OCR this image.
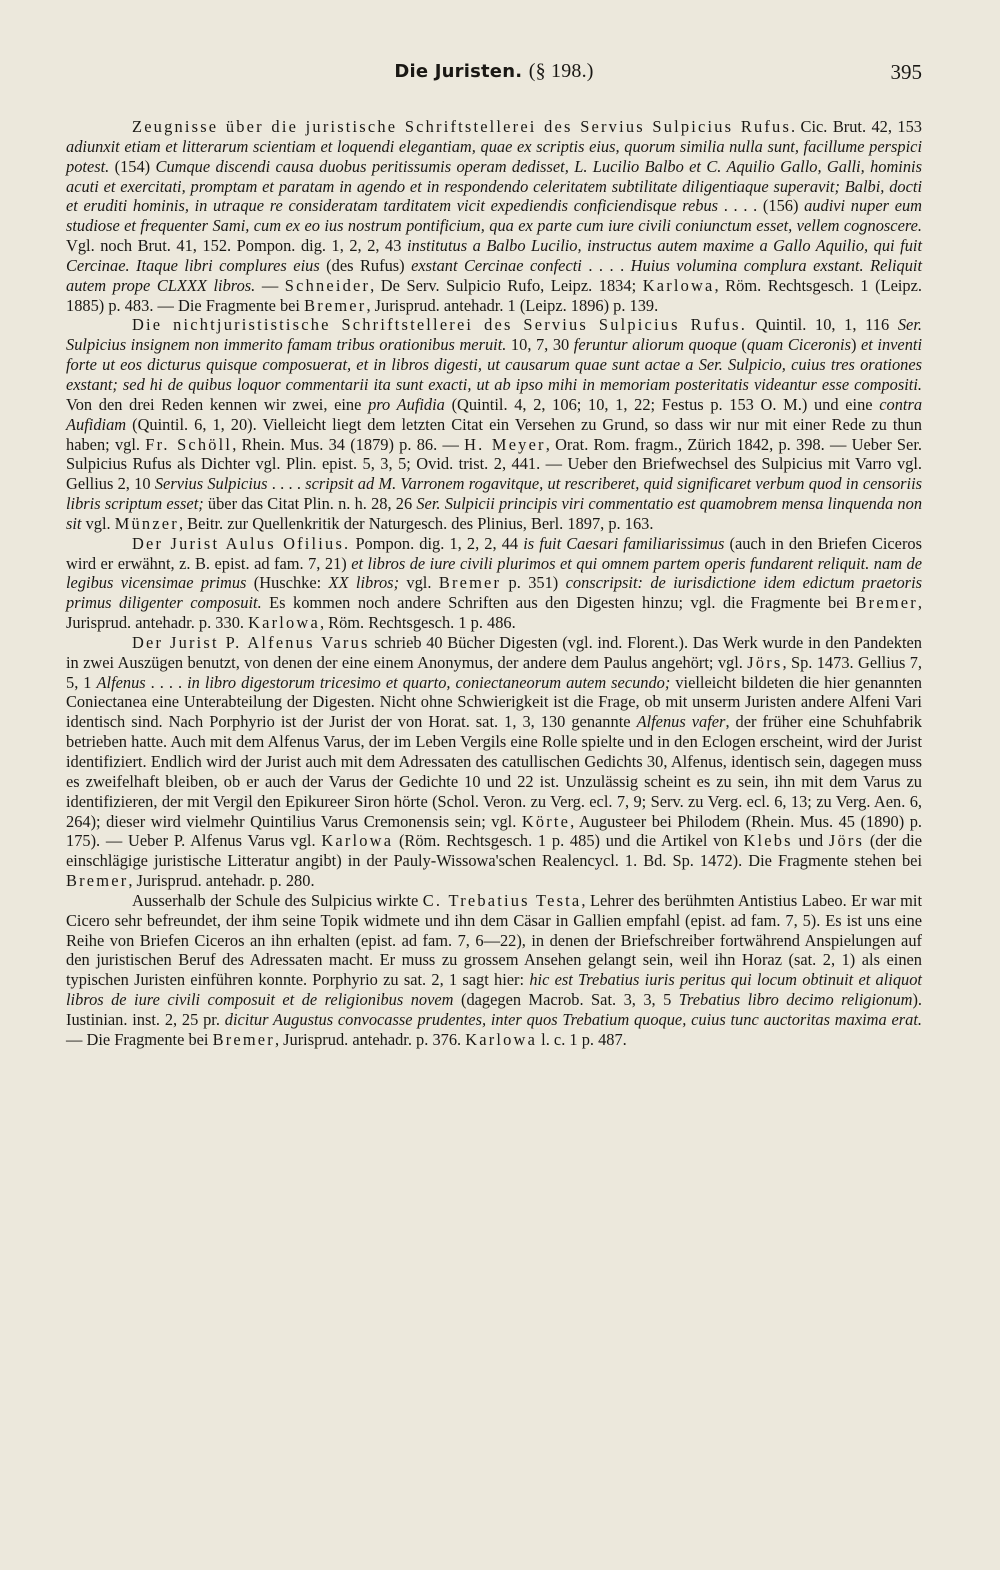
Die Juristen. (§ 198.)	395

Zeugnisse über die juristische Schriftstellerei des Servius Sulpicius Rufus. Cic. Brut. 42, 153 adiunxit etiam et litterarum scientiam et loquendi elegantiam, quae ex scriptis eius, quorum similia nulla sunt, facillume perspici potest. (154) Cumque discendi causa duobus peritissumis operam dedisset, L. Lucilio Balbo et C. Aquilio Gallo, Galli, hominis acuti et exercitati, promptam et paratam in agendo et in respondendo celeritatem subtilitate diligentiaque superavit; Balbi, docti et eruditi hominis, in utraque re consideratam tarditatem vicit expediendis conficiendisque rebus . . . . (156) audivi nuper eum studiose et frequenter Sami, cum ex eo ius nostrum pontificium, qua ex parte cum iure civili coniunctum esset, vellem cognoscere. Vgl. noch Brut. 41, 152. Pompon. dig. 1, 2, 2, 43 institutus a Balbo Lucilio, instructus autem maxime a Gallo Aquilio, qui fuit Cercinae. Itaque libri complures eius (des Rufus) exstant Cercinae confecti . . . . Huius volumina complura exstant. Reliquit autem prope CLXXX libros. — Schneider, De Serv. Sulpicio Rufo, Leipz. 1834; Karlowa, Röm. Rechtsgesch. 1 (Leipz. 1885) p. 483. — Die Fragmente bei Bremer, Jurisprud. antehadr. 1 (Leipz. 1896) p. 139.

Die nichtjurististische Schriftstellerei des Servius Sulpicius Rufus. Quintil. 10, 1, 116 Ser. Sulpicius insignem non immerito famam tribus orationibus meruit. 10, 7, 30 feruntur aliorum quoque (quam Ciceronis) et inventi forte ut eos dicturus quisque composuerat, et in libros digesti, ut causarum quae sunt actae a Ser. Sulpicio, cuius tres orationes exstant; sed hi de quibus loquor commentarii ita sunt exacti, ut ab ipso mihi in memoriam posteritatis videantur esse compositi. Von den drei Reden kennen wir zwei, eine pro Aufidia (Quintil. 4, 2, 106; 10, 1, 22; Festus p. 153 O. M.) und eine contra Aufidiam (Quintil. 6, 1, 20). Vielleicht liegt dem letzten Citat ein Versehen zu Grund, so dass wir nur mit einer Rede zu thun haben; vgl. Fr. Schöll, Rhein. Mus. 34 (1879) p. 86. — H. Meyer, Orat. Rom. fragm., Zürich 1842, p. 398. — Ueber Ser. Sulpicius Rufus als Dichter vgl. Plin. epist. 5, 3, 5; Ovid. trist. 2, 441. — Ueber den Briefwechsel des Sulpicius mit Varro vgl. Gellius 2, 10 Servius Sulpicius . . . . scripsit ad M. Varronem rogavitque, ut rescriberet, quid significaret verbum quod in censoriis libris scriptum esset; über das Citat Plin. n. h. 28, 26 Ser. Sulpicii principis viri commentatio est quamobrem mensa linquenda non sit vgl. Münzer, Beitr. zur Quellenkritik der Naturgesch. des Plinius, Berl. 1897, p. 163.

Der Jurist Aulus Ofilius. Pompon. dig. 1, 2, 2, 44 is fuit Caesari familiarissimus (auch in den Briefen Ciceros wird er erwähnt, z. B. epist. ad fam. 7, 21) et libros de iure civili plurimos et qui omnem partem operis fundarent reliquit. nam de legibus vicensimae primus (Huschke: XX libros; vgl. Bremer p. 351) conscripsit: de iurisdictione idem edictum praetoris primus diligenter composuit. Es kommen noch andere Schriften aus den Digesten hinzu; vgl. die Fragmente bei Bremer, Jurisprud. antehadr. p. 330. Karlowa, Röm. Rechtsgesch. 1 p. 486.

Der Jurist P. Alfenus Varus schrieb 40 Bücher Digesten (vgl. ind. Florent.). Das Werk wurde in den Pandekten in zwei Auszügen benutzt, von denen der eine einem Anonymus, der andere dem Paulus angehört; vgl. Jörs, Sp. 1473. Gellius 7, 5, 1 Alfenus . . . . in libro digestorum tricesimo et quarto, coniectaneorum autem secundo; vielleicht bildeten die hier genannten Coniectanea eine Unterabteilung der Digesten. Nicht ohne Schwierigkeit ist die Frage, ob mit unserm Juristen andere Alfeni Vari identisch sind. Nach Porphyrio ist der Jurist der von Horat. sat. 1, 3, 130 genannte Alfenus vafer, der früher eine Schuhfabrik betrieben hatte. Auch mit dem Alfenus Varus, der im Leben Vergils eine Rolle spielte und in den Eclogen erscheint, wird der Jurist identifiziert. Endlich wird der Jurist auch mit dem Adressaten des catullischen Gedichts 30, Alfenus, identisch sein, dagegen muss es zweifelhaft bleiben, ob er auch der Varus der Gedichte 10 und 22 ist. Unzulässig scheint es zu sein, ihn mit dem Varus zu identifizieren, der mit Vergil den Epikureer Siron hörte (Schol. Veron. zu Verg. ecl. 7, 9; Serv. zu Verg. ecl. 6, 13; zu Verg. Aen. 6, 264); dieser wird vielmehr Quintilius Varus Cremonensis sein; vgl. Körte, Augusteer bei Philodem (Rhein. Mus. 45 (1890) p. 175). — Ueber P. Alfenus Varus vgl. Karlowa (Röm. Rechtsgesch. 1 p. 485) und die Artikel von Klebs und Jörs (der die einschlägige juristische Litteratur angibt) in der Pauly-Wissowa'schen Realencycl. 1. Bd. Sp. 1472). Die Fragmente stehen bei Bremer, Jurisprud. antehadr. p. 280.

Ausserhalb der Schule des Sulpicius wirkte C. Trebatius Testa, Lehrer des berühmten Antistius Labeo. Er war mit Cicero sehr befreundet, der ihm seine Topik widmete und ihn dem Cäsar in Gallien empfahl (epist. ad fam. 7, 5). Es ist uns eine Reihe von Briefen Ciceros an ihn erhalten (epist. ad fam. 7, 6—22), in denen der Briefschreiber fortwährend Anspielungen auf den juristischen Beruf des Adressaten macht. Er muss zu grossem Ansehen gelangt sein, weil ihn Horaz (sat. 2, 1) als einen typischen Juristen einführen konnte. Porphyrio zu sat. 2, 1 sagt hier: hic est Trebatius iuris peritus qui locum obtinuit et aliquot libros de iure civili composuit et de religionibus novem (dagegen Macrob. Sat. 3, 3, 5 Trebatius libro decimo religionum). Iustinian. inst. 2, 25 pr. dicitur Augustus convocasse prudentes, inter quos Trebatium quoque, cuius tunc auctoritas maxima erat. — Die Fragmente bei Bremer, Jurisprud. antehadr. p. 376. Karlowa l. c. 1 p. 487.
